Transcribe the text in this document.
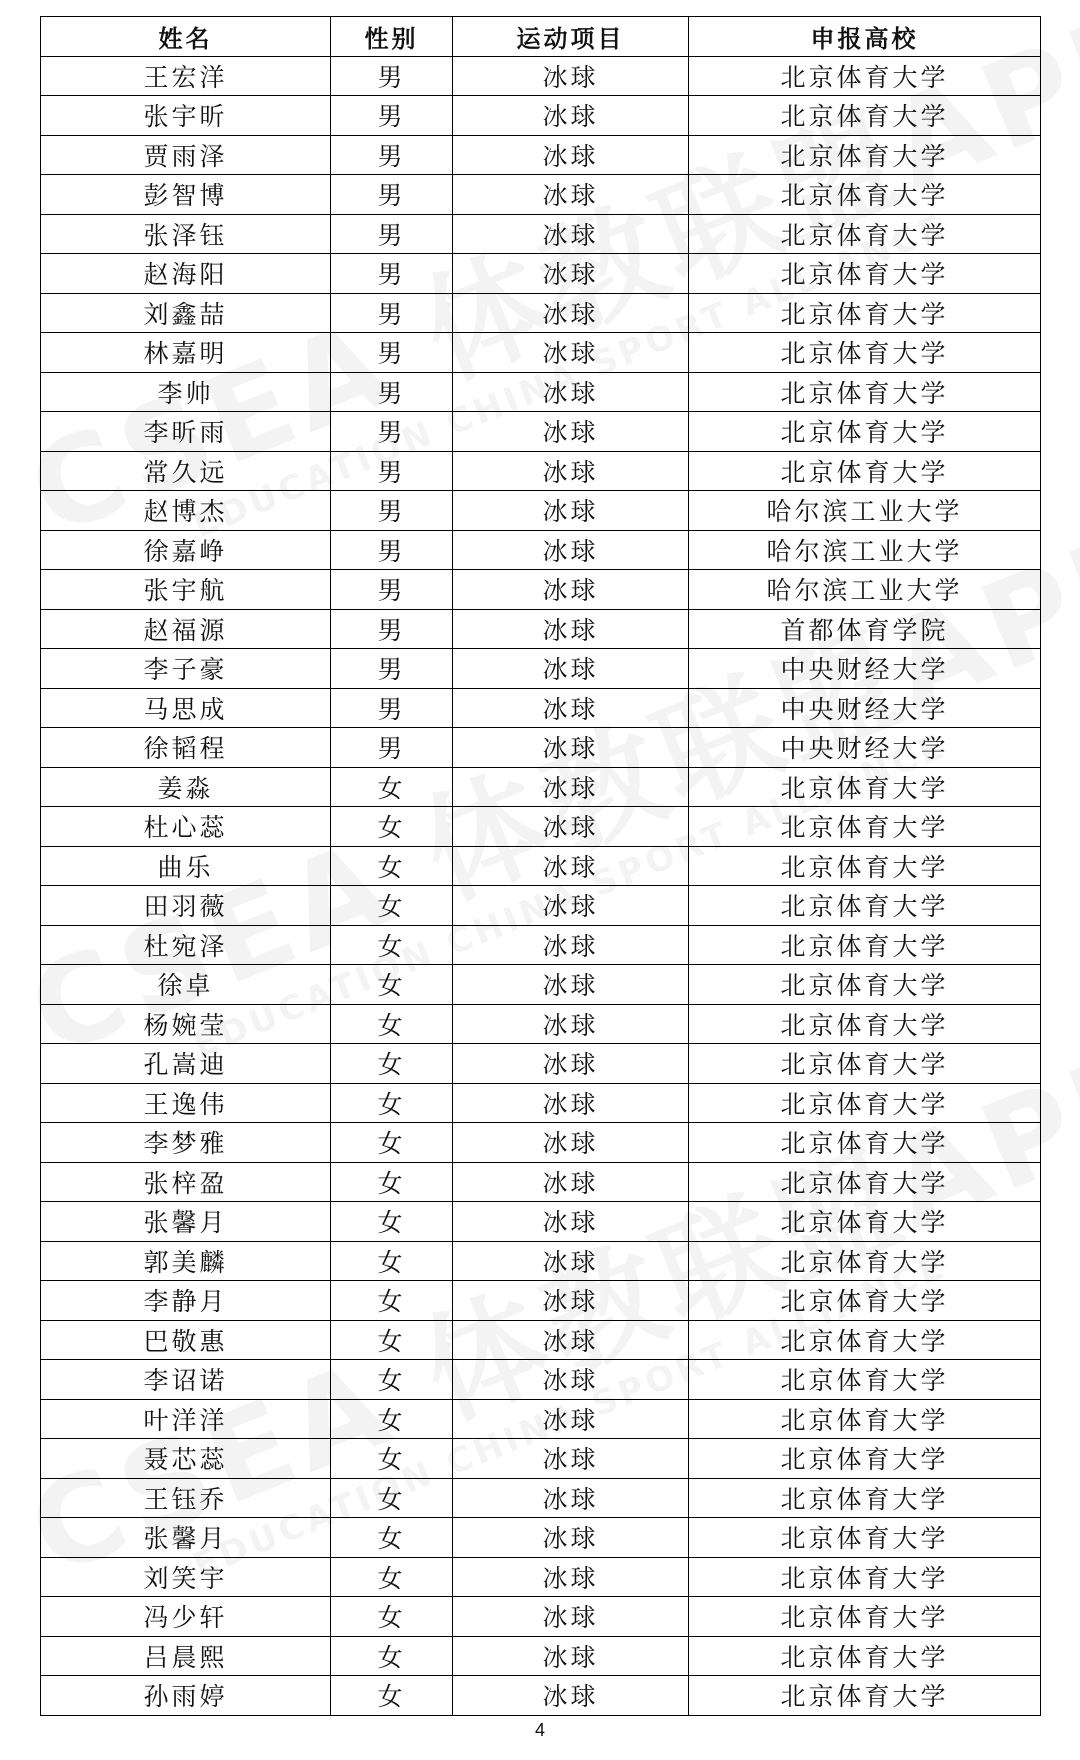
姓名	性别	运动项目	申报高校
王宏洋	男	冰球	北京体育大学
张宇昕	男	冰球	北京体育大学
贾雨泽	男	冰球	北京体育大学
彭智博	男	冰球	北京体育大学
张泽钰	男	冰球	北京体育大学
赵海阳	男	冰球	北京体育大学
刘鑫喆	男	冰球	北京体育大学
林嘉明	男	冰球	北京体育大学
李帅	男	冰球	北京体育大学
李昕雨	男	冰球	北京体育大学
常久远	男	冰球	北京体育大学
赵博杰	男	冰球	哈尔滨工业大学
徐嘉峥	男	冰球	哈尔滨工业大学
张宇航	男	冰球	哈尔滨工业大学
赵福源	男	冰球	首都体育学院
李子豪	男	冰球	中央财经大学
马思成	男	冰球	中央财经大学
徐韬程	男	冰球	中央财经大学
姜淼	女	冰球	北京体育大学
杜心蕊	女	冰球	北京体育大学
曲乐	女	冰球	北京体育大学
田羽薇	女	冰球	北京体育大学
杜宛泽	女	冰球	北京体育大学
徐卓	女	冰球	北京体育大学
杨婉莹	女	冰球	北京体育大学
孔嵩迪	女	冰球	北京体育大学
王逸伟	女	冰球	北京体育大学
李梦雅	女	冰球	北京体育大学
张梓盈	女	冰球	北京体育大学
张馨月	女	冰球	北京体育大学
郭美麟	女	冰球	北京体育大学
李静月	女	冰球	北京体育大学
巴敬惠	女	冰球	北京体育大学
李诏诺	女	冰球	北京体育大学
叶洋洋	女	冰球	北京体育大学
聂芯蕊	女	冰球	北京体育大学
王钰乔	女	冰球	北京体育大学
张馨月	女	冰球	北京体育大学
刘笑宇	女	冰球	北京体育大学
冯少轩	女	冰球	北京体育大学
吕晨熙	女	冰球	北京体育大学
孙雨婷	女	冰球	北京体育大学
4
